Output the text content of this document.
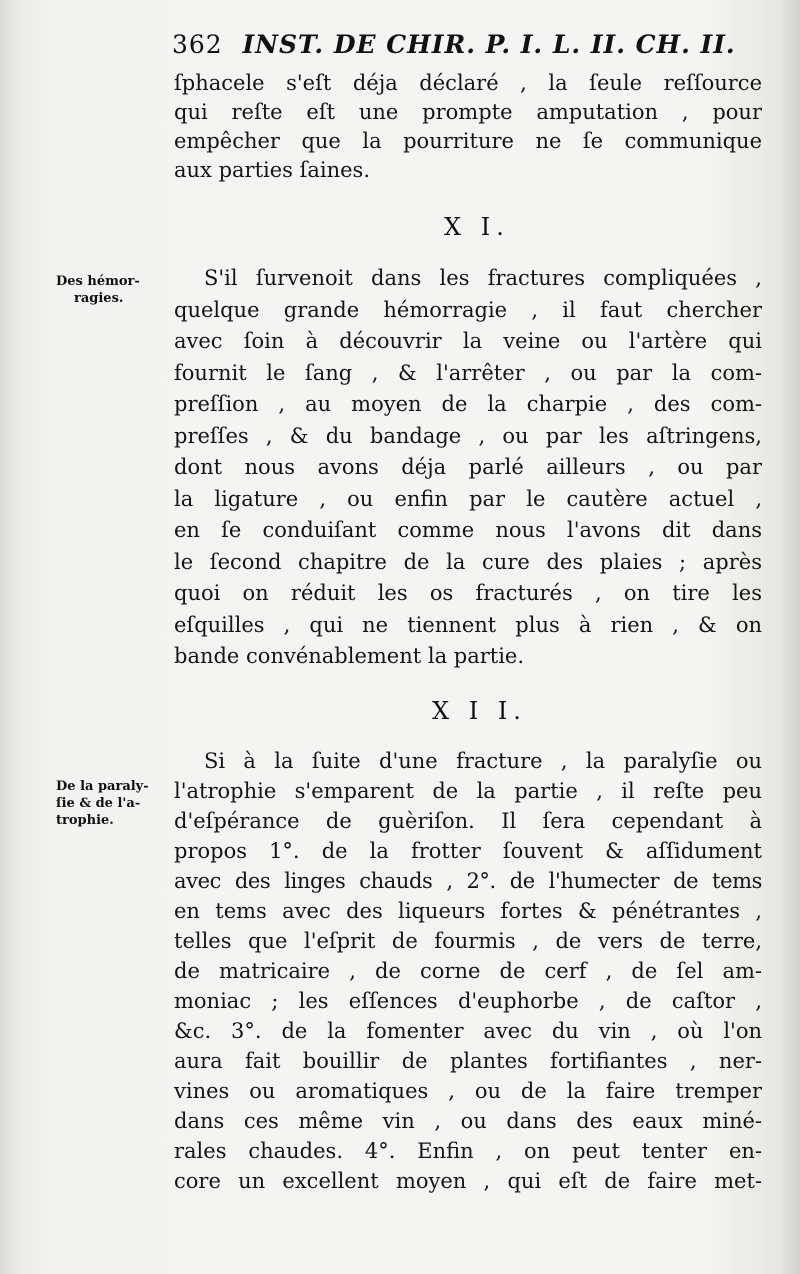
362 INST. DE CHIR. P. I. L. II. CH. II.
ſphacele s'eſt déja déclaré , la ſeule reſſource
qui reſte eſt une prompte amputation , pour
empêcher que la pourriture ne ſe communique
aux parties ſaines.
X I.
Des hémor-
ragies.
S'il ſurvenoit dans les fractures compliquées ,
quelque grande hémorragie , il faut chercher
avec ſoin à découvrir la veine ou l'artère qui
fournit le ſang , & l'arrêter , ou par la com-
preſſion , au moyen de la charpie , des com-
preſſes , & du bandage , ou par les aſtringens,
dont nous avons déja parlé ailleurs , ou par
la ligature , ou enfin par le cautère actuel ,
en ſe conduiſant comme nous l'avons dit dans
le ſecond chapitre de la cure des plaies ; après
quoi on réduit les os fracturés , on tire les
eſquilles , qui ne tiennent plus à rien , & on
bande convénablement la partie.
X I I.
De la paraly-
ſie & de l'a-
trophie.
Si à la ſuite d'une fracture , la paralyſie ou
l'atrophie s'emparent de la partie , il reſte peu
d'eſpérance de guèriſon. Il ſera cependant à
propos 1°. de la frotter ſouvent & aſſidument
avec des linges chauds , 2°. de l'humecter de tems
en tems avec des liqueurs fortes & pénétrantes ,
telles que l'eſprit de fourmis , de vers de terre,
de matricaire , de corne de cerf , de ſel am-
moniac ; les eſſences d'euphorbe , de caſtor ,
&c. 3°. de la fomenter avec du vin , où l'on
aura fait bouillir de plantes fortifiantes , ner-
vines ou aromatiques , ou de la faire tremper
dans ces même vin , ou dans des eaux miné-
rales chaudes. 4°. Enfin , on peut tenter en-
core un excellent moyen , qui eſt de faire met-
